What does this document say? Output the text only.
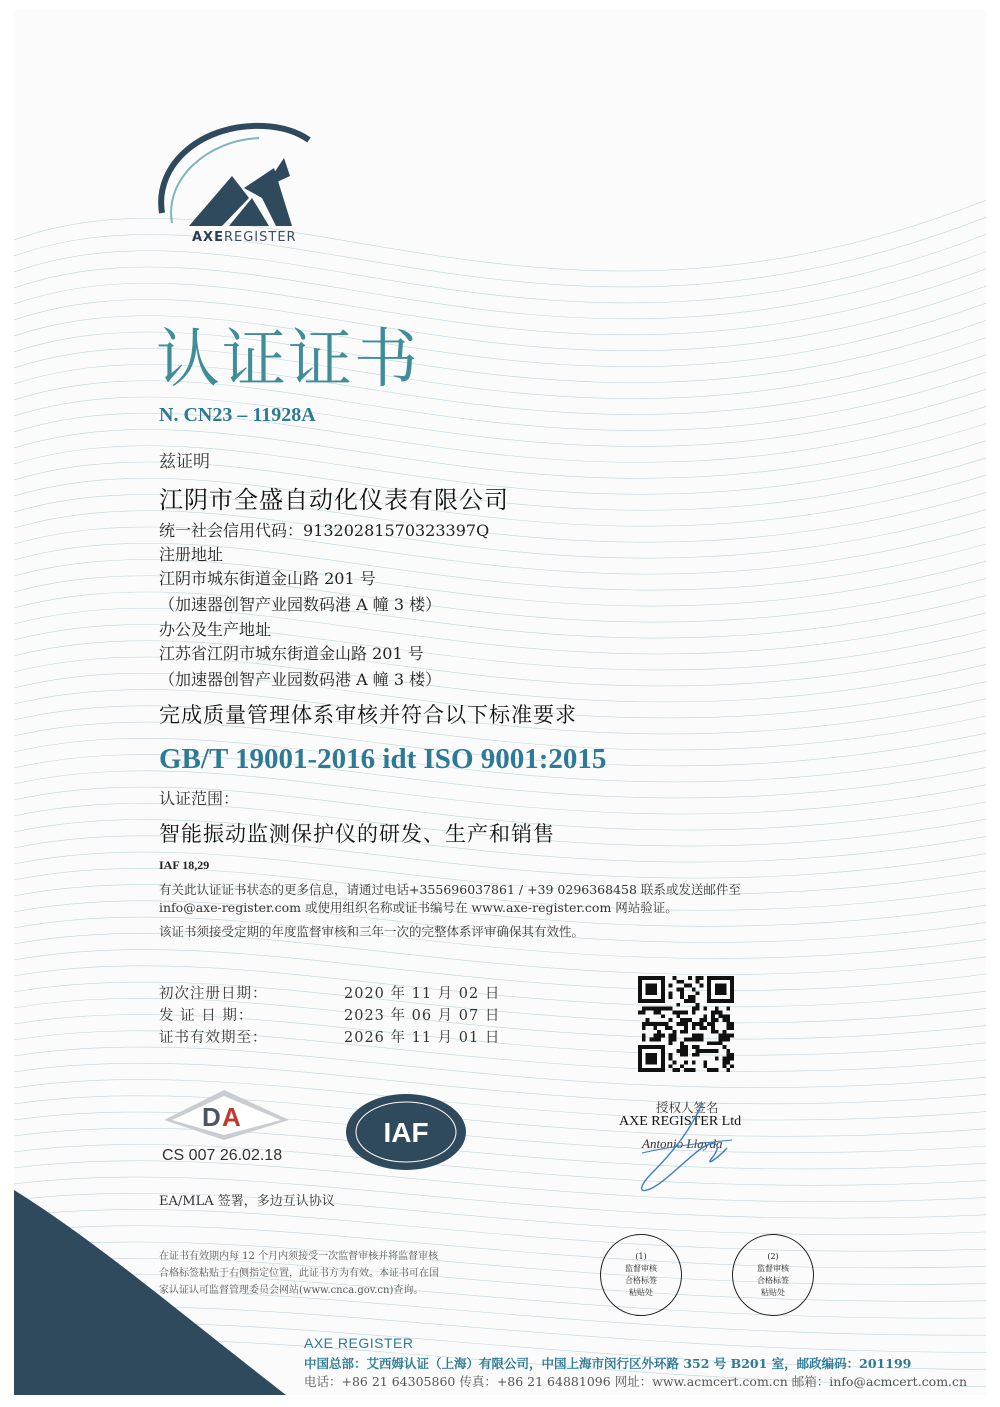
AXEREGISTER
认证证书
N. CN23 – 11928A
兹证明
江阴市全盛自动化仪表有限公司
统一社会信用代码：91320281570323397Q
注册地址
江阴市城东街道金山路 201 号
（加速器创智产业园数码港 A 幢 3 楼）
办公及生产地址
江苏省江阴市城东街道金山路 201 号
（加速器创智产业园数码港 A 幢 3 楼）
完成质量管理体系审核并符合以下标准要求
GB/T 19001-2016 idt ISO 9001:2015
认证范围：
智能振动监测保护仪的研发、生产和销售
IAF 18,29
有关此认证证书状态的更多信息，请通过电话+355696037861 / +39 0296368458 联系或发送邮件至
info@axe-register.com 或使用组织名称或证书编号在 www.axe-register.com 网站验证。
该证书须接受定期的年度监督审核和三年一次的完整体系评审确保其有效性。
初次注册日期：	2020 年 11 月 02 日
发 证 日 期：	2023 年 06 月 07 日
证书有效期至：	2026 年 11 月 01 日
授权人签名
AXE REGISTER Ltd
Antonio Llayda
D A
CS 007 26.02.18
IAF
EA/MLA 签署，多边互认协议
在证书有效期内每 12 个月内须接受一次监督审核并将监督审核
合格标签粘贴于右侧指定位置，此证书方为有效。本证书可在国
家认证认可监督管理委员会网站(www.cnca.gov.cn)查询。
(1)
监督审核
合格标签
粘贴处
(2)
监督审核
合格标签
粘贴处
AXE REGISTER
中国总部：艾西姆认证（上海）有限公司，中国上海市闵行区外环路 352 号 B201 室，邮政编码：201199
电话：+86 21 64305860 传真：+86 21 64881096 网址：www.acmcert.com.cn 邮箱：info@acmcert.com.cn
